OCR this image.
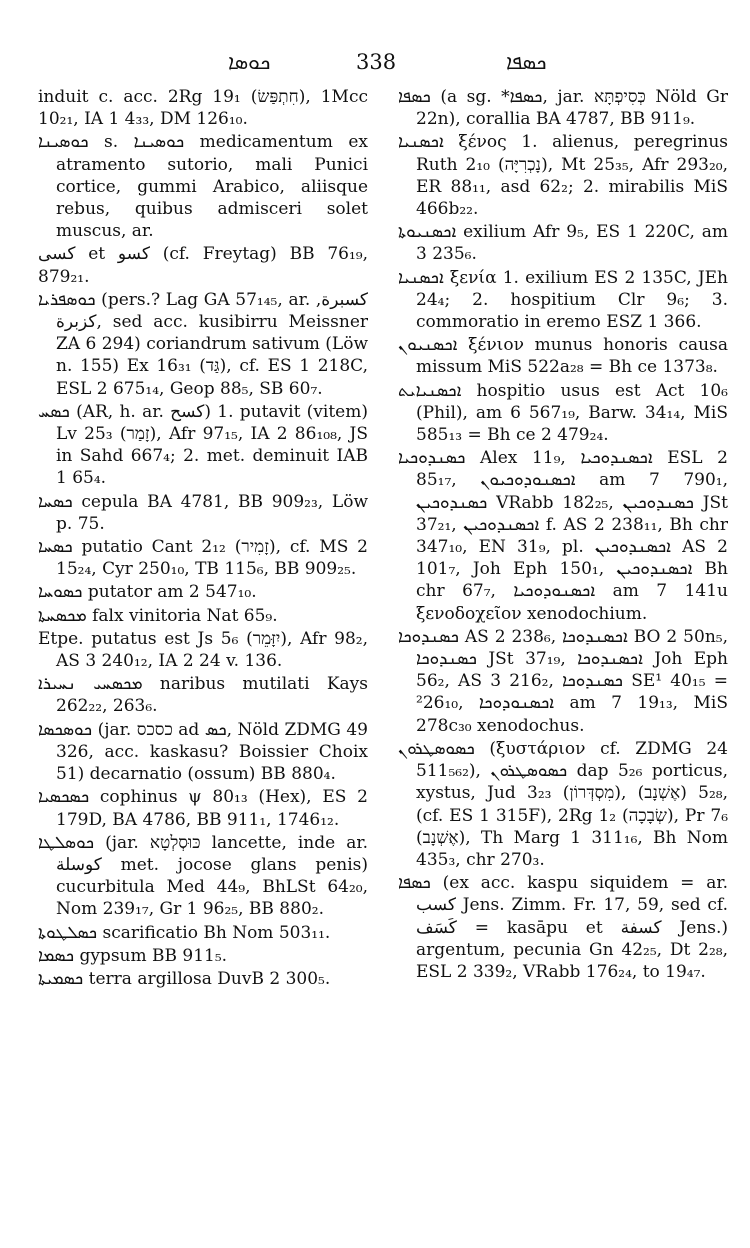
ܟܘܣܐ	338	ܟܣܦܐ

induit c. acc. 2Rg 19₁ (חִתְפַּשׂ), 1Mcc 10₂₁, IA 1 4₃₃, DM 126₁₀.

ܟܘܣܝܢܐ s. ܟܘܣܝܢܐ medicamentum ex atramento sutorio, mali Punici cortice, gummi Arabico, aliisque rebus, quibus admisceri solet muscus, ar.

كسى et كسو (cf. Freytag) BB 76₁₉, 879₂₁.

ܟܘܣܦܪܝܐ (pers.? Lag GA 57₁₄₅, ar. كسبرة, كزبرة, sed acc. kusibirru Meissner ZA 6 294) coriandrum sativum (Löw n. 155) Ex 16₃₁ (גַּד), cf. ES 1 218C, ESL 2 675₁₄, Geop 88₅, SB 60₇.

ܟܣܚ (AR, h. ar. كسح) 1. putavit (vitem) Lv 25₃ (זָמַר), Afr 97₁₅, IA 2 86₁₀₈, JS in Sahd 667₄; 2. met. deminuit IAB 1 65₄.

ܟܣܚܐ cepula BA 4781, BB 909₂₃, Löw p. 75.

ܟܣܚܐ putatio Cant 2₁₂ (זָמִיר), cf. MS 2 15₂₄, Cyr 250₁₀, TB 115₆, BB 909₂₅.

ܟܣܘܚܐ putator am 2 547₁₀.

ܡܟܣܚܬܐ falx vinitoria Nat 65₉.

Etpe. putatus est Js 5₆ (יִזָּמֵר), Afr 98₂, AS 3 240₁₂, IA 2 24 v. 136.

ܡܟܣܚܝ ܢܚܝܪܐ naribus mutilati Kays 262₂₂, 263₆.

ܟܘܣܟܣܐ (jar. כסכס ad ܟܣ, Nöld ZDMG 49 326, acc. kaskasu? Boissier Choix 51) decarnatio (ossum) BB 880₄.

ܟܣܟܣܝܐ cophinus ψ 80₁₃ (Hex), ES 2 179D, BA 4786, BB 911₁, 1746₁₂.

ܟܘܣܠܛܐ (jar. כּוּסְלְטָא lancette, inde ar. كوسلة met. jocose glans penis) cucurbitula Med 44₉, BhLSt 64₂₀, Nom 239₁₇, Gr 1 96₂₅, BB 880₂.

ܟܣܠܛܘܬܐ scarificatio Bh Nom 503₁₁.

ܟܣܡܐ gypsum BB 911₅.

ܟܣܡܝܬܐ terra argillosa DuvB 2 300₅.

ܟܣܦܐ (a sg. *ܟܣܦܐ, jar. כְּסִיפְתָּא Nöld Gr 22n), corallia BA 4787, BB 911₉.

ܐܟܣܢܝܐ ξένος 1. alienus, peregrinus Ruth 2₁₀ (נָכְרִיָּה), Mt 25₃₅, Afr 293₂₀, ER 88₁₁, asd 62₂; 2. mirabilis MiS 466b₂₂.

ܐܟܣܢܝܘܬܐ exilium Afr 9₅, ES 1 220C, am 3 235₆.

ܐܟܣܢܝܐ ξενία 1. exilium ES 2 135C, JEh 24₄; 2. hospitium Clr 9₆; 3. commoratio in eremo ESZ 1 366.

ܐܟܣܢܝܘܢ ξένιον munus honoris causa missum MiS 522a₂₈ = Bh ce 1373₈.

ܐܟܣܢܝܐܝܬ hospitio usus est Act 10₆ (Phil), am 6 567₁₉, Barw. 34₁₄, MiS 585₁₃ = Bh ce 2 479₂₄.

ܟܣܢܕܘܟܝܐ Alex 11₉, ܐܟܣܢܕܘܟܝܐ ESL 2 85₁₇, ܐܟܣܢܘܕܘܟܝܘܢ am 7 790₁, ܟܣܢܕܘܟܝܢ VRabb 182₂₅, ܟܣܢܕܘܟܝܢ JSt 37₂₁, ܐܟܣܢܕܘܟܝܢ f. AS 2 238₁₁, Bh chr 347₁₀, EN 31₉, pl. ܐܟܣܢܕܘܟܝܢ AS 2 101₇, Joh Eph 150₁, ܐܟܣܢܕܘܟܝܢ Bh chr 67₇, ܐܟܣܢܘܕܘܟܝܐ am 7 141u ξενοδοχεῖον xenodochium.

ܟܣܢܕܘܟܐ AS 2 238₆, ܐܟܣܢܕܘܟܐ BO 2 50n₅, ܟܣܢܕܘܟܐ JSt 37₁₉, ܐܟܣܢܕܘܟܐ Joh Eph 56₂, AS 3 216₂, ܟܣܢܕܘܟܐ SE¹ 40₁₅ = ²26₁₀, ܐܟܣܢܘܕܘܟܐ am 7 19₁₃, MiS 278c₃₀ xenodochus.

ܟܣܘܣܛܪܘܢ (ξυστάριον cf. ZDMG 24 511₅₆₂), ܟܣܘܣܛܪܘܢ dap 5₂₆ porticus, xystus, Jud 3₂₃ (מִסְדְּרוֹן), 5₂₈ (אֶשְׁנָב), (cf. ES 1 315F), 2Rg 1₂ (שְׂבָכָה), Pr 7₆ (אֶשְׁנָב), Th Marg 1 311₁₆, Bh Nom 435₃, chr 270₃.

ܟܣܦܐ (ex acc. kaspu siquidem = ar. كسب Jens. Zimm. Fr. 17, 59, sed cf. كَسَف = kasāpu et كسفة Jens.) argentum, pecunia Gn 42₂₅, Dt 2₂₈, ESL 2 339₂, VRabb 176₂₄, to 19₄₇.
